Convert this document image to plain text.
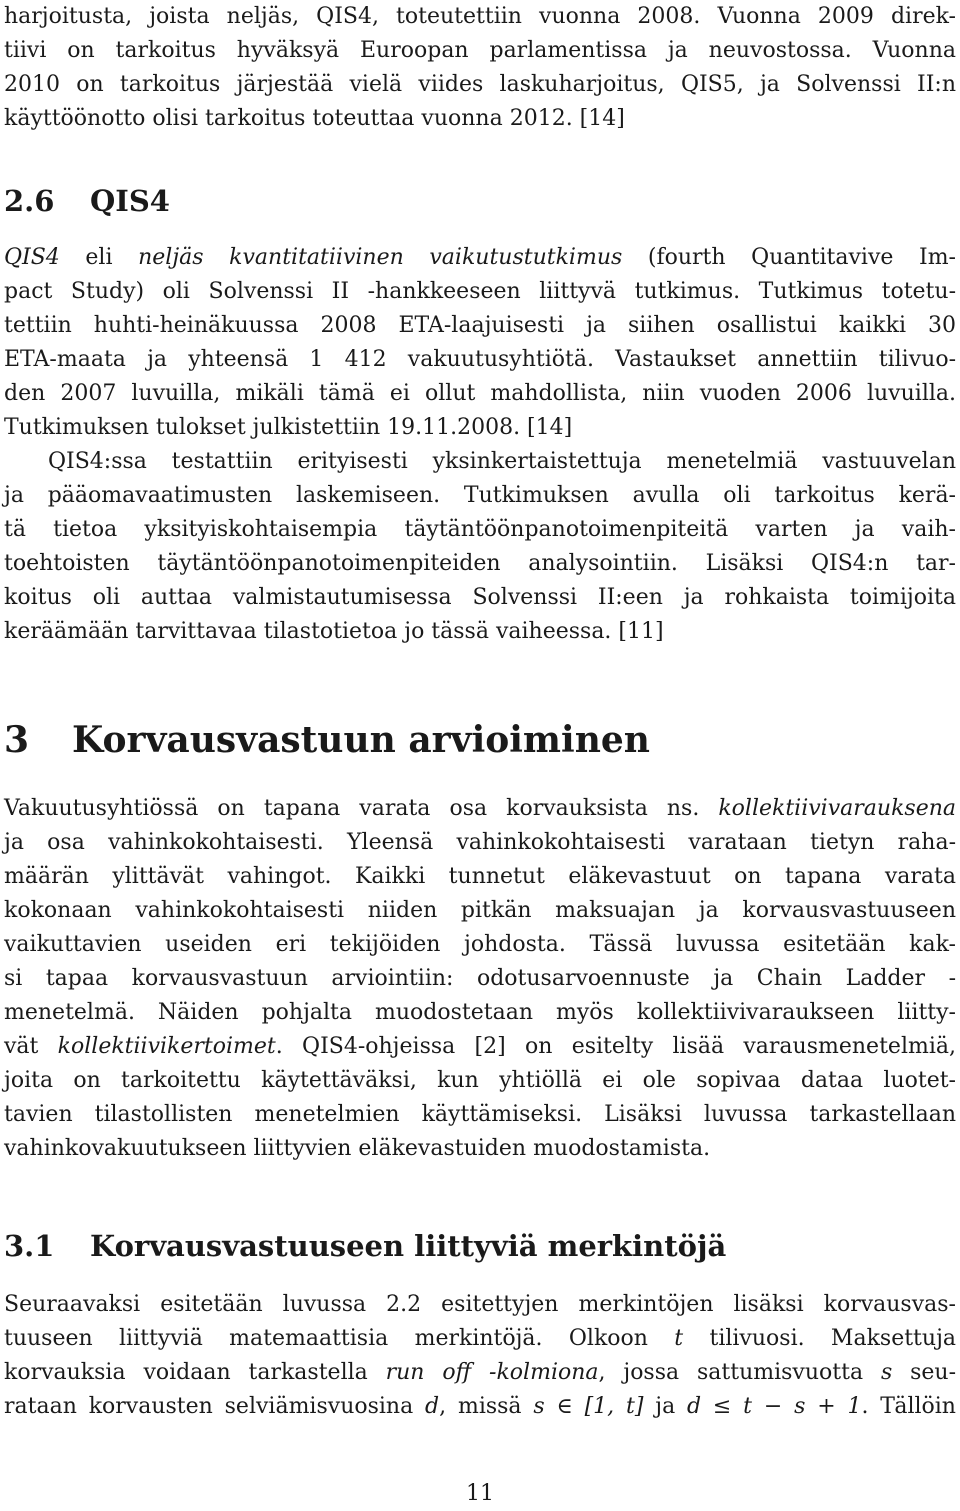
harjoitusta, joista neljäs, QIS4, toteutettiin vuonna 2008. Vuonna 2009 direk-
tiivi on tarkoitus hyväksyä Euroopan parlamentissa ja neuvostossa. Vuonna
2010 on tarkoitus järjestää vielä viides laskuharjoitus, QIS5, ja Solvenssi II:n
käyttöönotto olisi tarkoitus toteuttaa vuonna 2012. [14]
2.6 QIS4
QIS4 eli neljäs kvantitatiivinen vaikutustutkimus (fourth Quantitavive Im-
pact Study) oli Solvenssi II -hankkeeseen liittyvä tutkimus. Tutkimus totetu-
tettiin huhti-heinäkuussa 2008 ETA-laajuisesti ja siihen osallistui kaikki 30
ETA-maata ja yhteensä 1 412 vakuutusyhtiötä. Vastaukset annettiin tilivuo-
den 2007 luvuilla, mikäli tämä ei ollut mahdollista, niin vuoden 2006 luvuilla.
Tutkimuksen tulokset julkistettiin 19.11.2008. [14]
QIS4:ssa testattiin erityisesti yksinkertaistettuja menetelmiä vastuuvelan
ja pääomavaatimusten laskemiseen. Tutkimuksen avulla oli tarkoitus kerä-
tä tietoa yksityiskohtaisempia täytäntöönpanotoimenpiteitä varten ja vaih-
toehtoisten täytäntöönpanotoimenpiteiden analysointiin. Lisäksi QIS4:n tar-
koitus oli auttaa valmistautumisessa Solvenssi II:een ja rohkaista toimijoita
keräämään tarvittavaa tilastotietoa jo tässä vaiheessa. [11]
3 Korvausvastuun arvioiminen
Vakuutusyhtiössä on tapana varata osa korvauksista ns. kollektiivivarauksena
ja osa vahinkokohtaisesti. Yleensä vahinkokohtaisesti varataan tietyn raha-
määrän ylittävät vahingot. Kaikki tunnetut eläkevastuut on tapana varata
kokonaan vahinkokohtaisesti niiden pitkän maksuajan ja korvausvastuuseen
vaikuttavien useiden eri tekijöiden johdosta. Tässä luvussa esitetään kak-
si tapaa korvausvastuun arviointiin: odotusarvoennuste ja Chain Ladder -
menetelmä. Näiden pohjalta muodostetaan myös kollektiivivaraukseen liitty-
vät kollektiivikertoimet. QIS4-ohjeissa [2] on esitelty lisää varausmenetelmiä,
joita on tarkoitettu käytettäväksi, kun yhtiöllä ei ole sopivaa dataa luotet-
tavien tilastollisten menetelmien käyttämiseksi. Lisäksi luvussa tarkastellaan
vahinkovakuutukseen liittyvien eläkevastuiden muodostamista.
3.1 Korvausvastuuseen liittyviä merkintöjä
Seuraavaksi esitetään luvussa 2.2 esitettyjen merkintöjen lisäksi korvausvas-
tuuseen liittyviä matemaattisia merkintöjä. Olkoon t tilivuosi. Maksettuja
korvauksia voidaan tarkastella run off -kolmiona, jossa sattumisvuotta s seu-
rataan korvausten selviämisvuosina d, missä s ∈ [1, t] ja d ≤ t − s + 1. Tällöin
11
